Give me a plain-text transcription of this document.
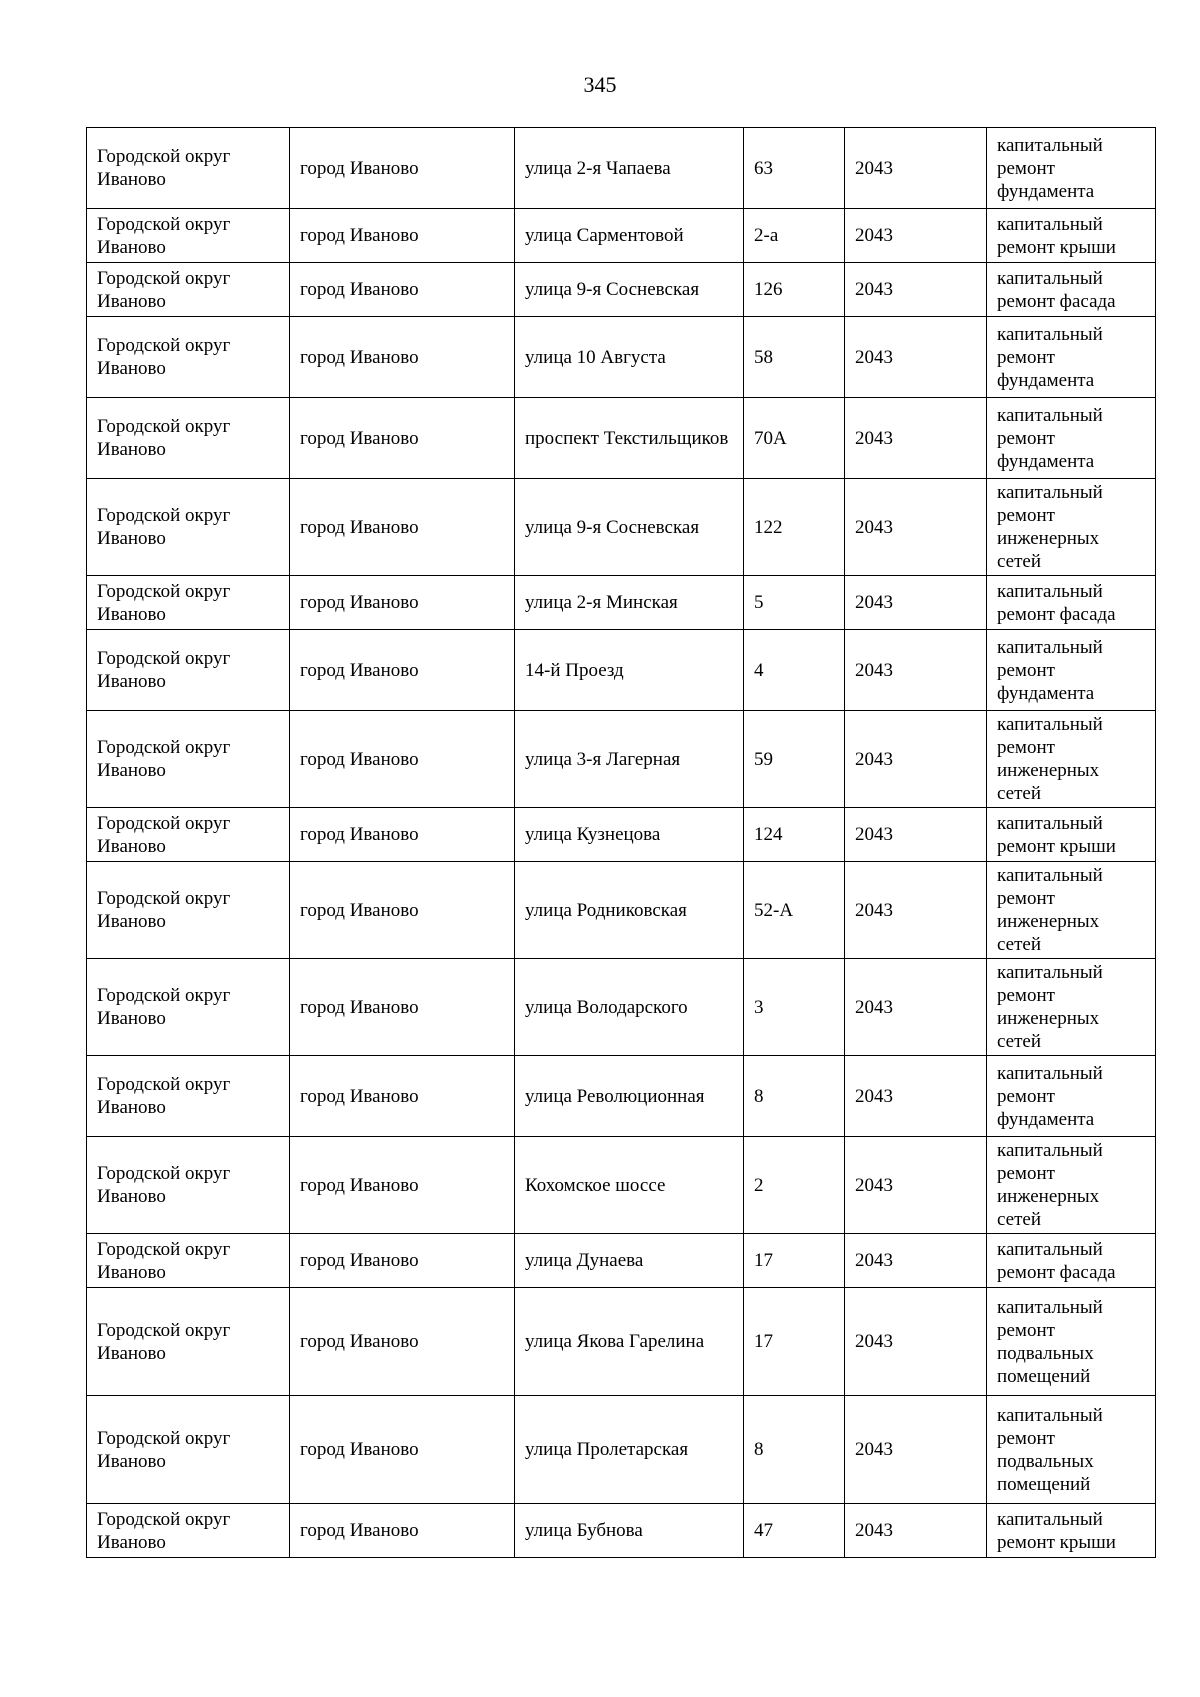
345
Городской округ Иваново	город Иваново	улица 2-я Чапаева	63	2043	капитальный ремонт фундамента
Городской округ Иваново	город Иваново	улица Сарментовой	2-а	2043	капитальный ремонт крыши
Городской округ Иваново	город Иваново	улица 9-я Сосневская	126	2043	капитальный ремонт фасада
Городской округ Иваново	город Иваново	улица 10 Августа	58	2043	капитальный ремонт фундамента
Городской округ Иваново	город Иваново	проспект Текстильщиков	70А	2043	капитальный ремонт фундамента
Городской округ Иваново	город Иваново	улица 9-я Сосневская	122	2043	капитальный ремонт инженерных сетей
Городской округ Иваново	город Иваново	улица 2-я Минская	5	2043	капитальный ремонт фасада
Городской округ Иваново	город Иваново	14-й Проезд	4	2043	капитальный ремонт фундамента
Городской округ Иваново	город Иваново	улица 3-я Лагерная	59	2043	капитальный ремонт инженерных сетей
Городской округ Иваново	город Иваново	улица Кузнецова	124	2043	капитальный ремонт крыши
Городской округ Иваново	город Иваново	улица Родниковская	52-А	2043	капитальный ремонт инженерных сетей
Городской округ Иваново	город Иваново	улица Володарского	3	2043	капитальный ремонт инженерных сетей
Городской округ Иваново	город Иваново	улица Революционная	8	2043	капитальный ремонт фундамента
Городской округ Иваново	город Иваново	Кохомское шоссе	2	2043	капитальный ремонт инженерных сетей
Городской округ Иваново	город Иваново	улица Дунаева	17	2043	капитальный ремонт фасада
Городской округ Иваново	город Иваново	улица Якова Гарелина	17	2043	капитальный ремонт подвальных помещений
Городской округ Иваново	город Иваново	улица Пролетарская	8	2043	капитальный ремонт подвальных помещений
Городской округ Иваново	город Иваново	улица Бубнова	47	2043	капитальный ремонт крыши
